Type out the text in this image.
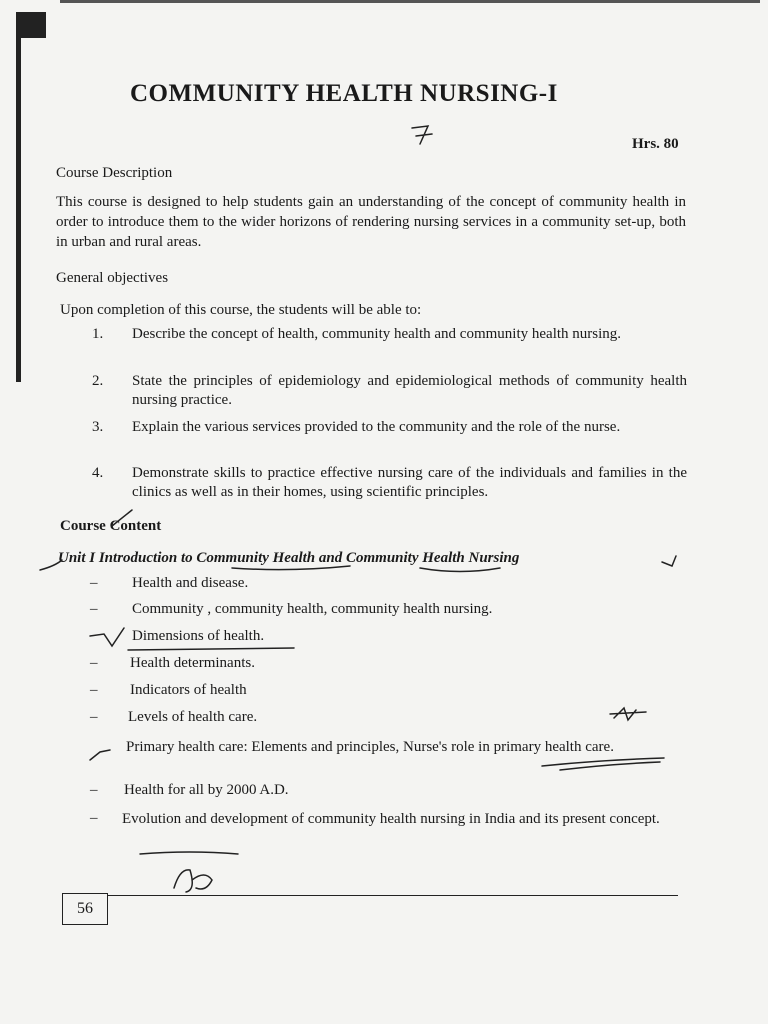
COMMUNITY HEALTH NURSING-I
Hrs. 80
Course Description
This course is designed to help students gain an understanding of the concept of community health in order to introduce them to the wider horizons of rendering nursing services in a community set-up, both in urban and rural areas.
General objectives
Upon completion of this course, the students will be able to:
1. Describe the concept of health, community health and community health nursing.
2. State the principles of epidemiology and epidemiological methods of community health nursing practice.
3. Explain the various services provided to the community and the role of the nurse.
4. Demonstrate skills to practice effective nursing care of the individuals and families in the clinics as well as in their homes, using scientific principles.
Course Content
Unit I Introduction to Community Health and Community Health Nursing
– Health and disease.
– Community , community health, community health nursing.
Dimensions of health.
– Health determinants.
– Indicators of health
– Levels of health care.
Primary health care: Elements and principles, Nurse's role in primary health care.
– Health for all by 2000 A.D.
– Evolution and development of community health nursing in India and its present concept.
56
